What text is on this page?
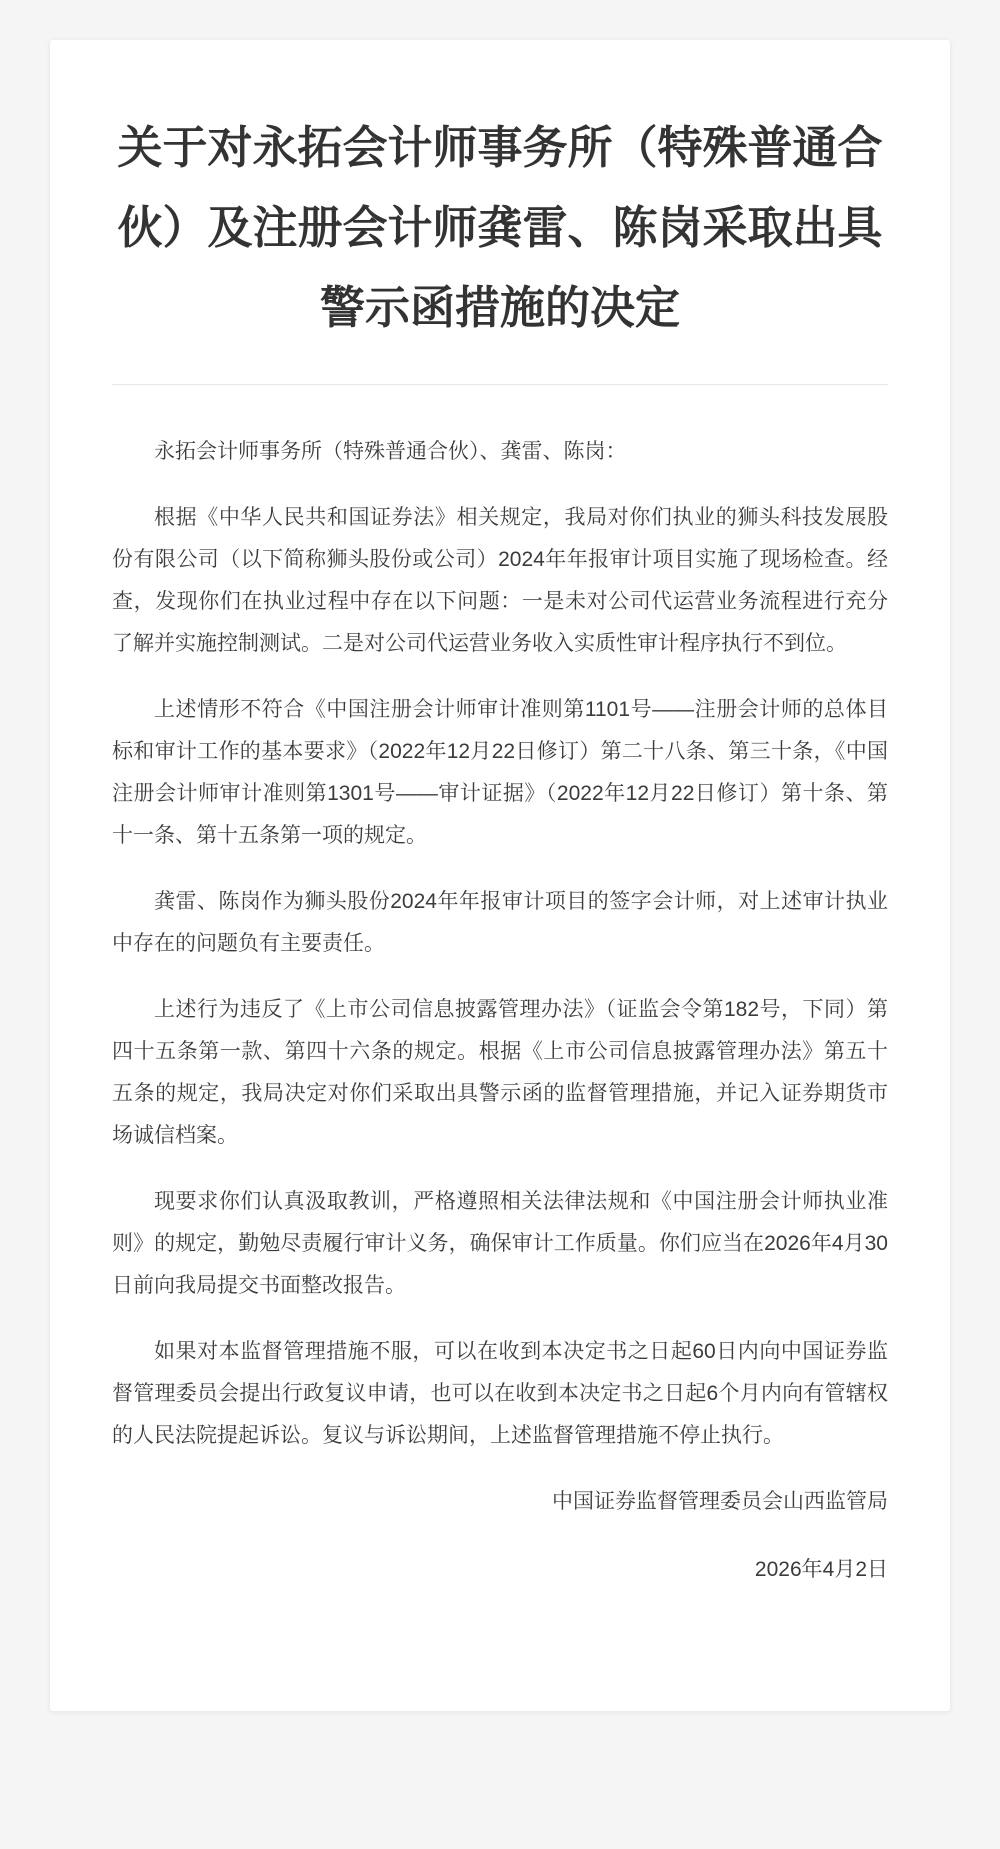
关于对永拓会计师事务所（特殊普通合伙）及注册会计师龚雷、陈岗采取出具警示函措施的决定

永拓会计师事务所（特殊普通合伙）、龚雷、陈岗：

根据《中华人民共和国证券法》相关规定，我局对你们执业的狮头科技发展股份有限公司（以下简称狮头股份或公司）2024年年报审计项目实施了现场检查。经查，发现你们在执业过程中存在以下问题：一是未对公司代运营业务流程进行充分了解并实施控制测试。二是对公司代运营业务收入实质性审计程序执行不到位。

上述情形不符合《中国注册会计师审计准则第1101号——注册会计师的总体目标和审计工作的基本要求》（2022年12月22日修订）第二十八条、第三十条，《中国注册会计师审计准则第1301号——审计证据》（2022年12月22日修订）第十条、第十一条、第十五条第一项的规定。

龚雷、陈岗作为狮头股份2024年年报审计项目的签字会计师，对上述审计执业中存在的问题负有主要责任。

上述行为违反了《上市公司信息披露管理办法》（证监会令第182号，下同）第四十五条第一款、第四十六条的规定。根据《上市公司信息披露管理办法》第五十五条的规定，我局决定对你们采取出具警示函的监督管理措施，并记入证券期货市场诚信档案。

现要求你们认真汲取教训，严格遵照相关法律法规和《中国注册会计师执业准则》的规定，勤勉尽责履行审计义务，确保审计工作质量。你们应当在2026年4月30日前向我局提交书面整改报告。

如果对本监督管理措施不服，可以在收到本决定书之日起60日内向中国证券监督管理委员会提出行政复议申请，也可以在收到本决定书之日起6个月内向有管辖权的人民法院提起诉讼。复议与诉讼期间，上述监督管理措施不停止执行。

中国证券监督管理委员会山西监管局

2026年4月2日
